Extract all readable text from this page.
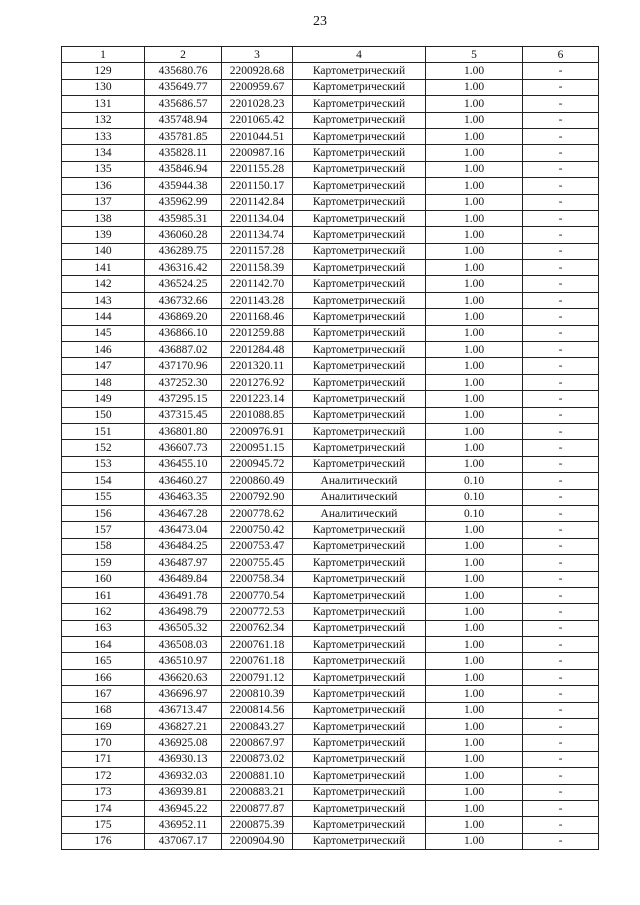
23
1	2	3	4	5	6
129	435680.76	2200928.68	Картометрический	1.00	-
130	435649.77	2200959.67	Картометрический	1.00	-
131	435686.57	2201028.23	Картометрический	1.00	-
132	435748.94	2201065.42	Картометрический	1.00	-
133	435781.85	2201044.51	Картометрический	1.00	-
134	435828.11	2200987.16	Картометрический	1.00	-
135	435846.94	2201155.28	Картометрический	1.00	-
136	435944.38	2201150.17	Картометрический	1.00	-
137	435962.99	2201142.84	Картометрический	1.00	-
138	435985.31	2201134.04	Картометрический	1.00	-
139	436060.28	2201134.74	Картометрический	1.00	-
140	436289.75	2201157.28	Картометрический	1.00	-
141	436316.42	2201158.39	Картометрический	1.00	-
142	436524.25	2201142.70	Картометрический	1.00	-
143	436732.66	2201143.28	Картометрический	1.00	-
144	436869.20	2201168.46	Картометрический	1.00	-
145	436866.10	2201259.88	Картометрический	1.00	-
146	436887.02	2201284.48	Картометрический	1.00	-
147	437170.96	2201320.11	Картометрический	1.00	-
148	437252.30	2201276.92	Картометрический	1.00	-
149	437295.15	2201223.14	Картометрический	1.00	-
150	437315.45	2201088.85	Картометрический	1.00	-
151	436801.80	2200976.91	Картометрический	1.00	-
152	436607.73	2200951.15	Картометрический	1.00	-
153	436455.10	2200945.72	Картометрический	1.00	-
154	436460.27	2200860.49	Аналитический	0.10	-
155	436463.35	2200792.90	Аналитический	0.10	-
156	436467.28	2200778.62	Аналитический	0.10	-
157	436473.04	2200750.42	Картометрический	1.00	-
158	436484.25	2200753.47	Картометрический	1.00	-
159	436487.97	2200755.45	Картометрический	1.00	-
160	436489.84	2200758.34	Картометрический	1.00	-
161	436491.78	2200770.54	Картометрический	1.00	-
162	436498.79	2200772.53	Картометрический	1.00	-
163	436505.32	2200762.34	Картометрический	1.00	-
164	436508.03	2200761.18	Картометрический	1.00	-
165	436510.97	2200761.18	Картометрический	1.00	-
166	436620.63	2200791.12	Картометрический	1.00	-
167	436696.97	2200810.39	Картометрический	1.00	-
168	436713.47	2200814.56	Картометрический	1.00	-
169	436827.21	2200843.27	Картометрический	1.00	-
170	436925.08	2200867.97	Картометрический	1.00	-
171	436930.13	2200873.02	Картометрический	1.00	-
172	436932.03	2200881.10	Картометрический	1.00	-
173	436939.81	2200883.21	Картометрический	1.00	-
174	436945.22	2200877.87	Картометрический	1.00	-
175	436952.11	2200875.39	Картометрический	1.00	-
176	437067.17	2200904.90	Картометрический	1.00	-
